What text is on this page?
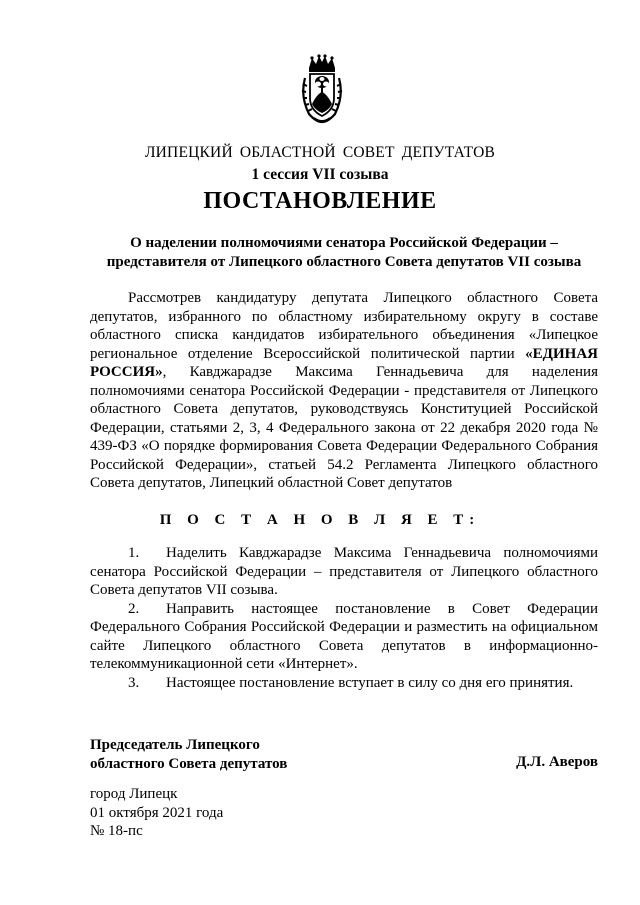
ЛИПЕЦКИЙ ОБЛАСТНОЙ СОВЕТ ДЕПУТАТОВ
1 сессия VII созыва
ПОСТАНОВЛЕНИЕ
О наделении полномочиями сенатора Российской Федерации –
представителя от Липецкого областного Совета депутатов VII созыва

Рассмотрев кандидатуру депутата Липецкого областного Совета депутатов, избранного по областному избирательному округу в составе областного списка кандидатов избирательного объединения «Липецкое региональное отделение Всероссийской политической партии «ЕДИНАЯ РОССИЯ», Кавджарадзе Максима Геннадьевича для наделения полномочиями сенатора Российской Федерации - представителя от Липецкого областного Совета депутатов, руководствуясь Конституцией Российской Федерации, статьями 2, 3, 4 Федерального закона от 22 декабря 2020 года № 439-ФЗ «О порядке формирования Совета Федерации Федерального Собрания Российской Федерации», статьей 54.2 Регламента Липецкого областного Совета депутатов, Липецкий областной Совет депутатов

П О С Т А Н О В Л Я Е Т:
1. Наделить Кавджарадзе Максима Геннадьевича полномочиями сенатора Российской Федерации – представителя от Липецкого областного Совета депутатов VII созыва.
2. Направить настоящее постановление в Совет Федерации Федерального Собрания Российской Федерации и разместить на официальном сайте Липецкого областного Совета депутатов в информационно-телекоммуникационной сети «Интернет».
3. Настоящее постановление вступает в силу со дня его принятия.
Председатель Липецкого
областного Совета депутатов	Д.Л. Аверов
город Липецк
01 октября 2021 года
№ 18-пс
